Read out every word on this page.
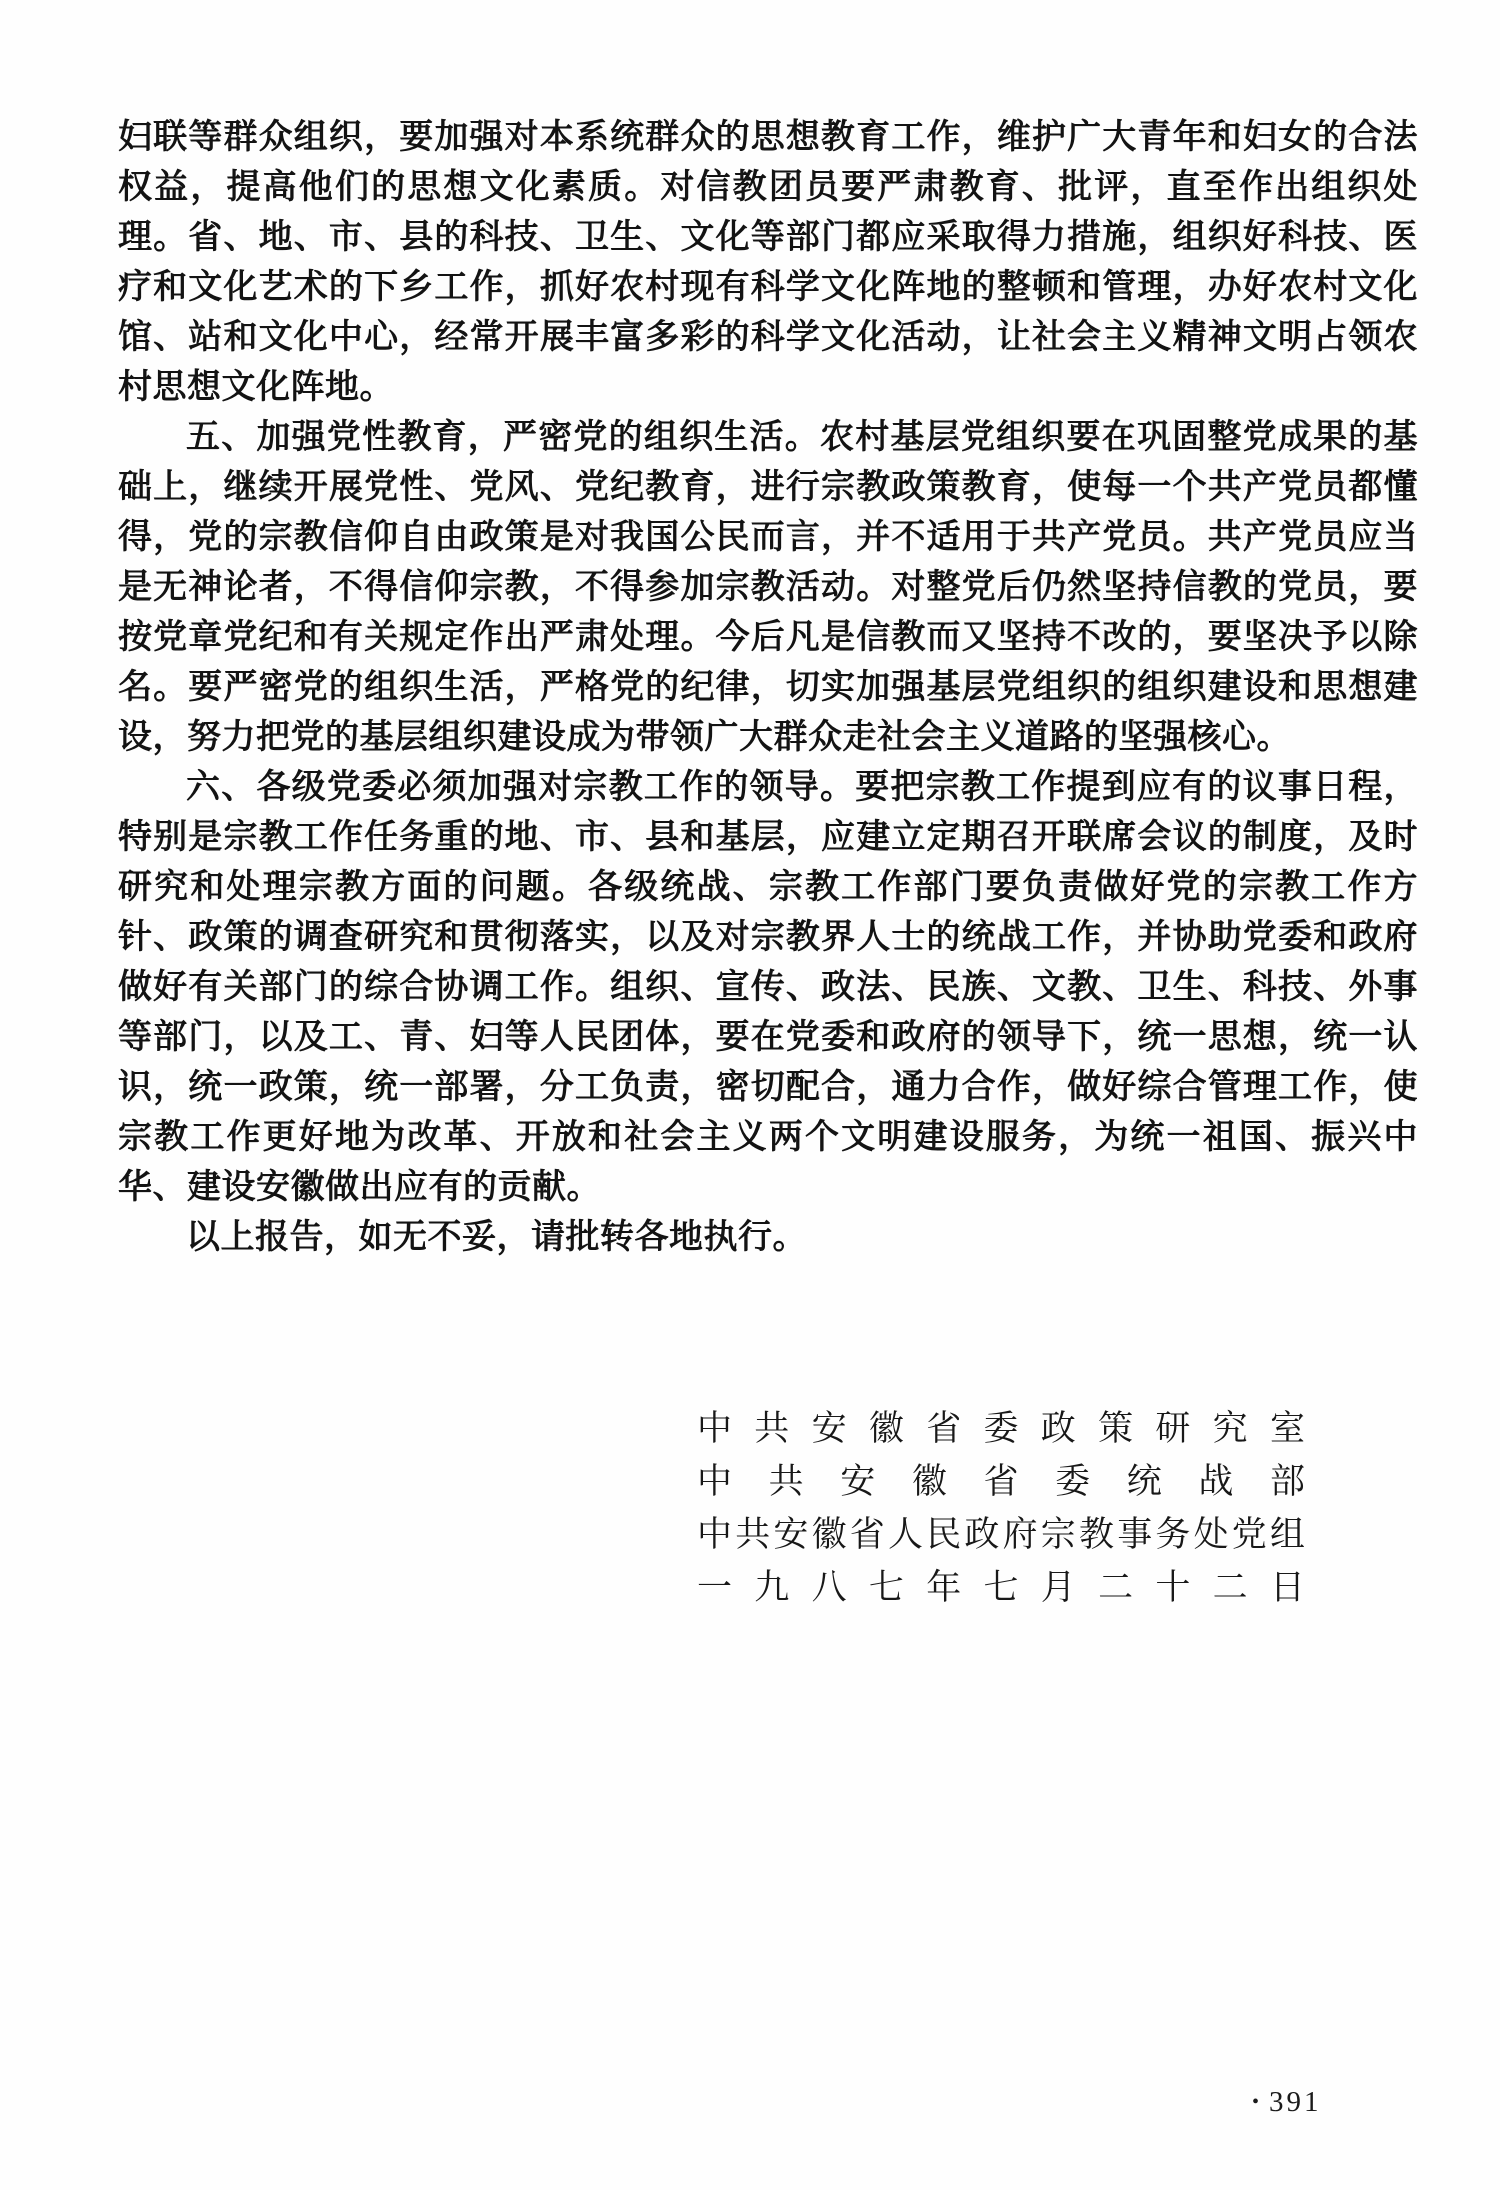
妇联等群众组织，要加强对本系统群众的思想教育工作，维护广大青年和妇女的合法权益，提高他们的思想文化素质。对信教团员要严肃教育、批评，直至作出组织处理。省、地、市、县的科技、卫生、文化等部门都应采取得力措施，组织好科技、医疗和文化艺术的下乡工作，抓好农村现有科学文化阵地的整顿和管理，办好农村文化馆、站和文化中心，经常开展丰富多彩的科学文化活动，让社会主义精神文明占领农村思想文化阵地。

五、加强党性教育，严密党的组织生活。农村基层党组织要在巩固整党成果的基础上，继续开展党性、党风、党纪教育，进行宗教政策教育，使每一个共产党员都懂得，党的宗教信仰自由政策是对我国公民而言，并不适用于共产党员。共产党员应当是无神论者，不得信仰宗教，不得参加宗教活动。对整党后仍然坚持信教的党员，要按党章党纪和有关规定作出严肃处理。今后凡是信教而又坚持不改的，要坚决予以除名。要严密党的组织生活，严格党的纪律，切实加强基层党组织的组织建设和思想建设，努力把党的基层组织建设成为带领广大群众走社会主义道路的坚强核心。

六、各级党委必须加强对宗教工作的领导。要把宗教工作提到应有的议事日程，特别是宗教工作任务重的地、市、县和基层，应建立定期召开联席会议的制度，及时研究和处理宗教方面的问题。各级统战、宗教工作部门要负责做好党的宗教工作方针、政策的调查研究和贯彻落实，以及对宗教界人士的统战工作，并协助党委和政府做好有关部门的综合协调工作。组织、宣传、政法、民族、文教、卫生、科技、外事等部门，以及工、青、妇等人民团体，要在党委和政府的领导下，统一思想，统一认识，统一政策，统一部署，分工负责，密切配合，通力合作，做好综合管理工作，使宗教工作更好地为改革、开放和社会主义两个文明建设服务，为统一祖国、振兴中华、建设安徽做出应有的贡献。

以上报告，如无不妥，请批转各地执行。

中共安徽省委政策研究室
中共安徽省委统战部
中共安徽省人民政府宗教事务处党组
一九八七年七月二十二日
• 391
